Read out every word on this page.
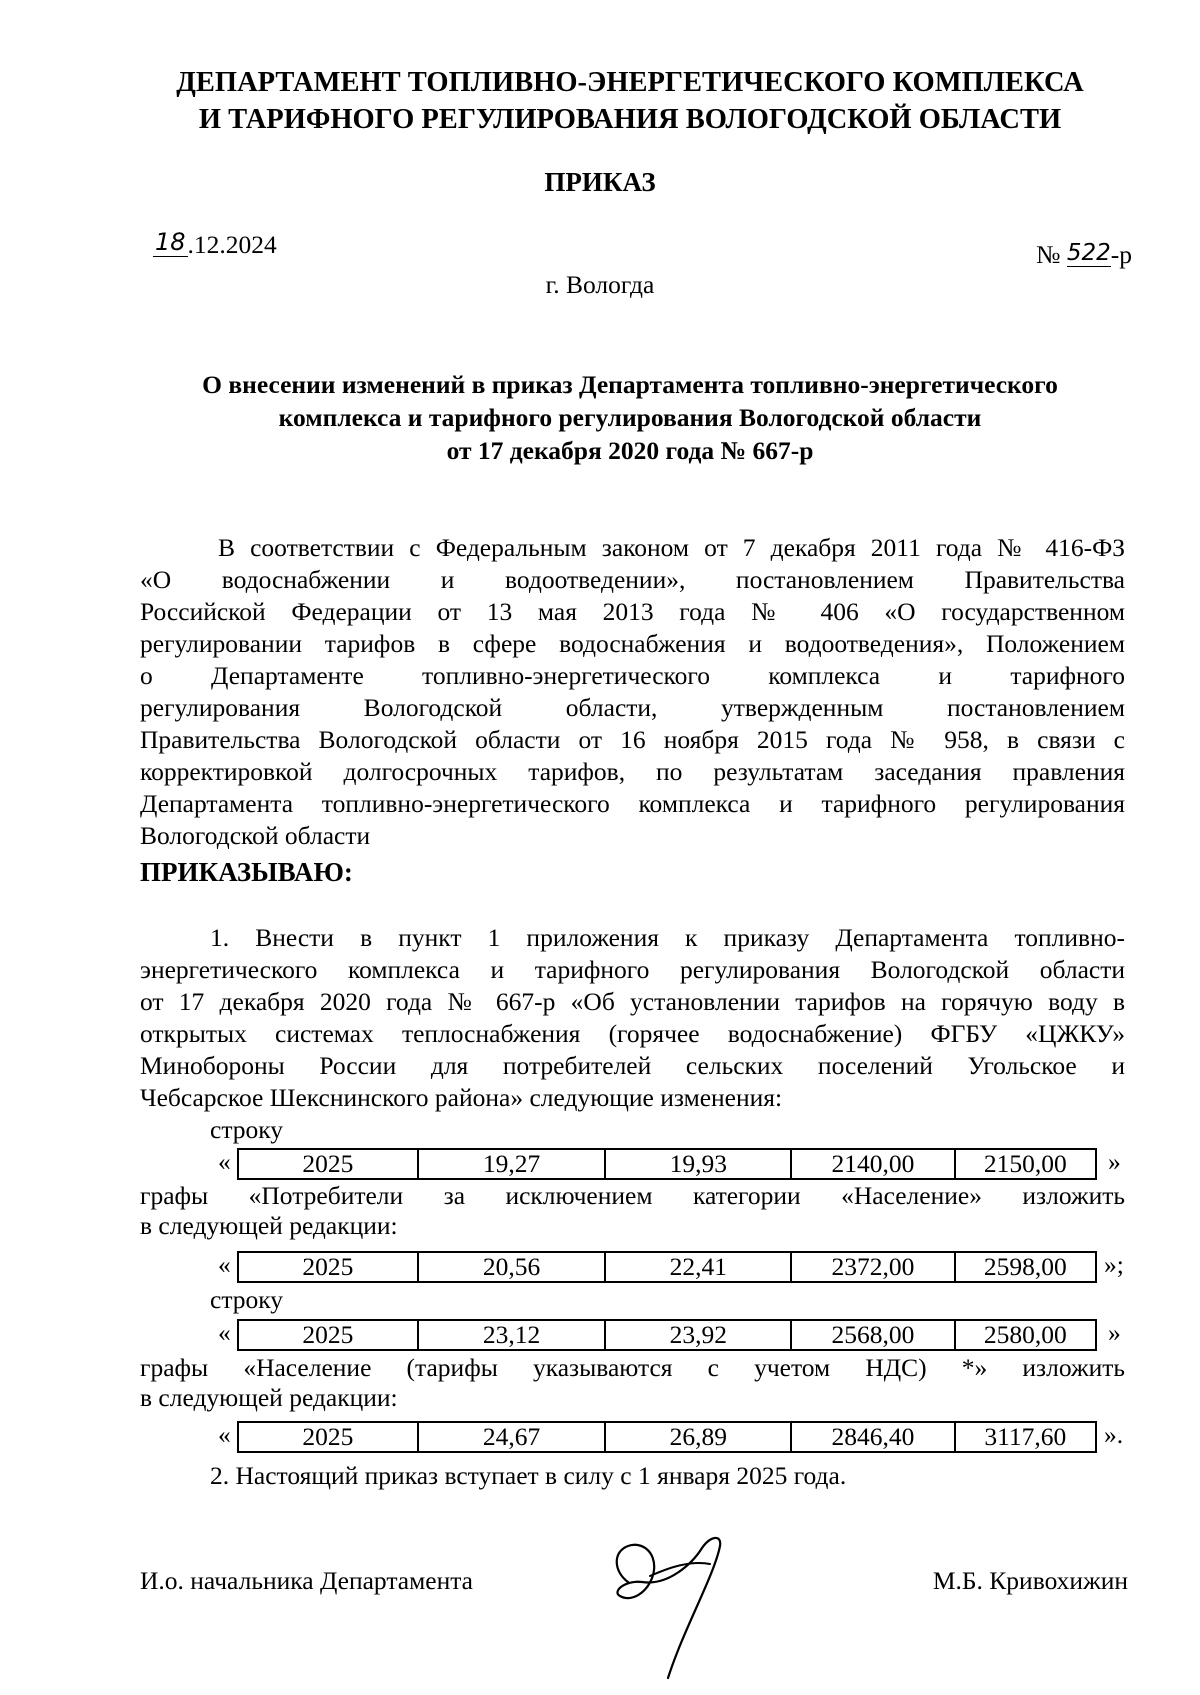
ДЕПАРТАМЕНТ ТОПЛИВНО-ЭНЕРГЕТИЧЕСКОГО КОМПЛЕКСА
И ТАРИФНОГО РЕГУЛИРОВАНИЯ ВОЛОГОДСКОЙ ОБЛАСТИ
ПРИКАЗ
18.12.2024	№ 522-р
г. Вологда
О внесении изменений в приказ Департамента топливно-энергетического
комплекса и тарифного регулирования Вологодской области
от 17 декабря 2020 года № 667-р
В соответствии с Федеральным законом от 7 декабря 2011 года № 416-ФЗ
«О водоснабжении и водоотведении», постановлением Правительства
Российской Федерации от 13 мая 2013 года № 406 «О государственном
регулировании тарифов в сфере водоснабжения и водоотведения», Положением
о Департаменте топливно-энергетического комплекса и тарифного
регулирования Вологодской области, утвержденным постановлением
Правительства Вологодской области от 16 ноября 2015 года № 958, в связи с
корректировкой долгосрочных тарифов, по результатам заседания правления
Департамента топливно-энергетического комплекса и тарифного регулирования
Вологодской области
ПРИКАЗЫВАЮ:
1. Внести в пункт 1 приложения к приказу Департамента топливно-
энергетического комплекса и тарифного регулирования Вологодской области
от 17 декабря 2020 года № 667-р «Об установлении тарифов на горячую воду в
открытых системах теплоснабжения (горячее водоснабжение) ФГБУ «ЦЖКУ»
Минобороны России для потребителей сельских поселений Угольское и
Чебсарское Шекснинского района» следующие изменения:
строку
«	2025	19,27	19,93	2140,00	2150,00 »
графы «Потребители за исключением категории «Население» изложить
в следующей редакции:
«	2025	20,56	22,41	2372,00	2598,00 »;
строку
«	2025	23,12	23,92	2568,00	2580,00 »
графы «Население (тарифы указываются с учетом НДС) *» изложить
в следующей редакции:
«	2025	24,67	26,89	2846,40	3117,60 ».
2. Настоящий приказ вступает в силу с 1 января 2025 года.
И.о. начальника Департамента	М.Б. Кривохижин
